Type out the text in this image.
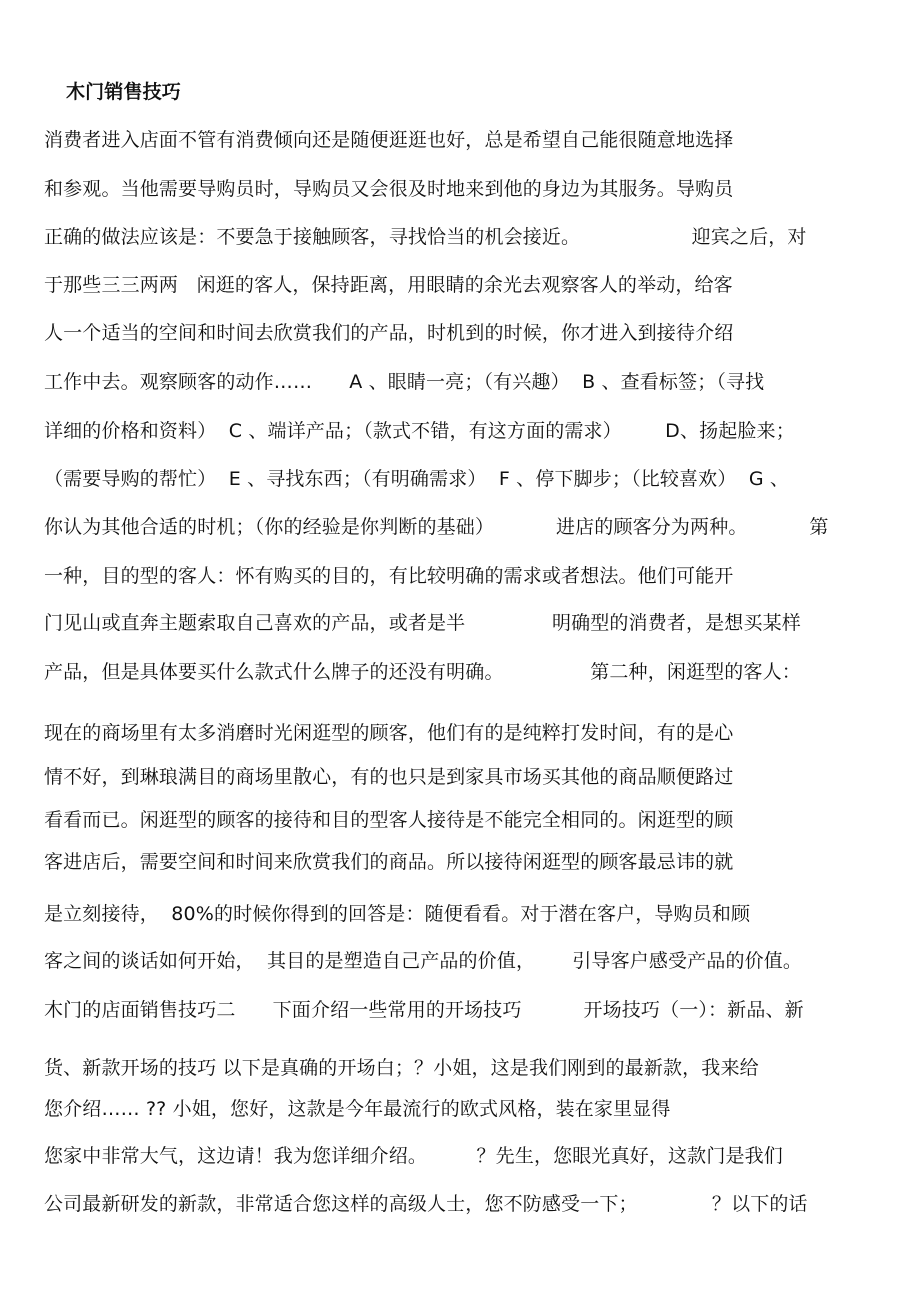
木门销售技巧

消费者进入店面不管有消费倾向还是随便逛逛也好，总是希望自己能很随意地选择

和参观。当他需要导购员时，导购员又会很及时地来到他的身边为其服务。导购员

正确的做法应该是：不要急于接触顾客，寻找恰当的机会接近。                  迎宾之后，对

于那些三三两两   闲逛的客人，保持距离，用眼睛的余光去观察客人的举动，给客

人一个适当的空间和时间去欣赏我们的产品，时机到的时候，你才进入到接待介绍

工作中去。观察顾客的动作……      A 、眼睛一亮；（有兴趣）  B 、查看标签；（寻找

详细的价格和资料）  C 、端详产品；（款式不错，有这方面的需求）       D、扬起脸来；

（需要导购的帮忙）  E 、寻找东西；（有明确需求）  F 、停下脚步；（比较喜欢）  G 、

你认为其他合适的时机；（你的经验是你判断的基础）          进店的顾客分为两种。          第

一种，目的型的客人：怀有购买的目的，有比较明确的需求或者想法。他们可能开

门见山或直奔主题索取自己喜欢的产品，或者是半              明确型的消费者，是想买某样

产品，但是具体要买什么款式什么牌子的还没有明确。              第二种，闲逛型的客人：

现在的商场里有太多消磨时光闲逛型的顾客，他们有的是纯粹打发时间，有的是心

情不好，到琳琅满目的商场里散心，有的也只是到家具市场买其他的商品顺便路过

看看而已。闲逛型的顾客的接待和目的型客人接待是不能完全相同的。闲逛型的顾

客进店后，需要空间和时间来欣赏我们的商品。所以接待闲逛型的顾客最忌讳的就

是立刻接待，  80%的时候你得到的回答是：随便看看。对于潜在客户，导购员和顾

客之间的谈话如何开始，  其目的是塑造自己产品的价值，      引导客户感受产品的价值。

木门的店面销售技巧二      下面介绍一些常用的开场技巧          开场技巧（一）：新品、新

货、新款开场的技巧 以下是真确的开场白；？小姐，这是我们刚到的最新款，我来给

您介绍…… ?? 小姐，您好，这款是今年最流行的欧式风格，装在家里显得

您家中非常大气，这边请！我为您详细介绍。        ？先生，您眼光真好，这款门是我们

公司最新研发的新款，非常适合您这样的高级人士，您不防感受一下；            ？以下的话
